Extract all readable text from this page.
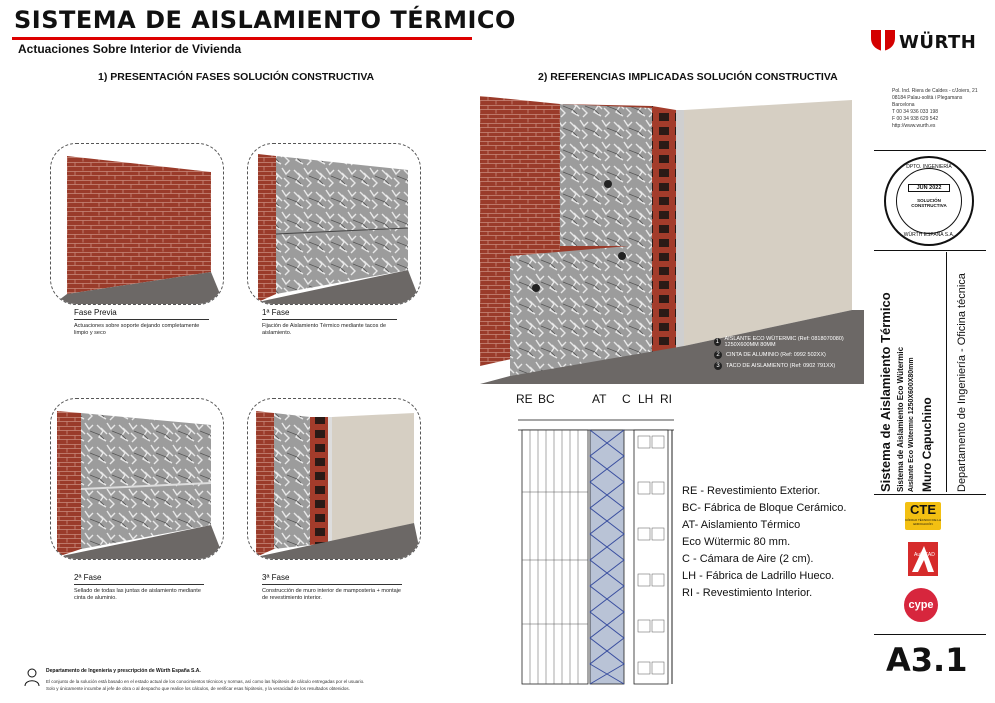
SISTEMA DE AISLAMIENTO TÉRMICO
Actuaciones Sobre Interior de Vivienda
1) PRESENTACIÓN FASES SOLUCIÓN CONSTRUCTIVA	2) REFERENCIAS IMPLICADAS SOLUCIÓN CONSTRUCTIVA
Fase Previa
Actuaciones sobre soporte dejando completamente limpio y seco
1ª Fase
Fijación de Aislamiento Térmico mediante tacos de aislamiento.
2ª Fase
Sellado de todas las juntas de aislamiento mediante cinta de aluminio.
3ª Fase
Construcción de muro interior de mamposteria + montaje de revestimiento interior.
1 AISLANTE ECO WÜTERMIC (Ref: 0818070080) 1250X600MM 80MM
2	CINTA DE ALUMINIO (Ref: 0992 502XX)
3	TACO DE AISLAMIENTO (Ref: 0902 791XX)
RE BC	AT C LH RI
RE - Revestimiento Exterior.
BC- Fábrica de Bloque Cerámico.
AT- Aislamiento Térmico
Eco Wütermic 80 mm.
C - Cámara de Aire (2 cm).
LH - Fábrica de Ladrillo Hueco.
RI - Revestimiento Interior.
WÜRTH
Pol. Ind. Riera de Caldes - c/Joiers, 21
08184 Palau-solità i Plegamans
Barcelona
T 00 34 936 033 198
F 00 34 938 629 542
http://www.wurth.es
DPTO. INGENIERÍA
JUN 2022
SOLUCIÓN CONSTRUCTIVA
WÜRTH ESPAÑA S.A.
Sistema de Aislamiento Térmico Sistema de Aislamiento Eco Wütermic Aislante Eco Wütermic 1250X600X80mm Muro Capuchino Departamento de Ingeniería - Oficina técnica
CTE
CÓDIGO TÉCNICO DE LA EDIFICACIÓN
AutoCAD
cype
A3.1
Departamento de Ingeniería y prescripción de Würth España S.A.
El conjunto de la solución está basado en el estado actual de los conocimientos técnicos y normas, así como las hipótesis de cálculo entregadas por el usuario.
Solo y únicamente incumbe al jefe de obra o al despacho que realice los cálculos, de verificar esas hipótesis, y la veracidad de los resultados obtenidos.
